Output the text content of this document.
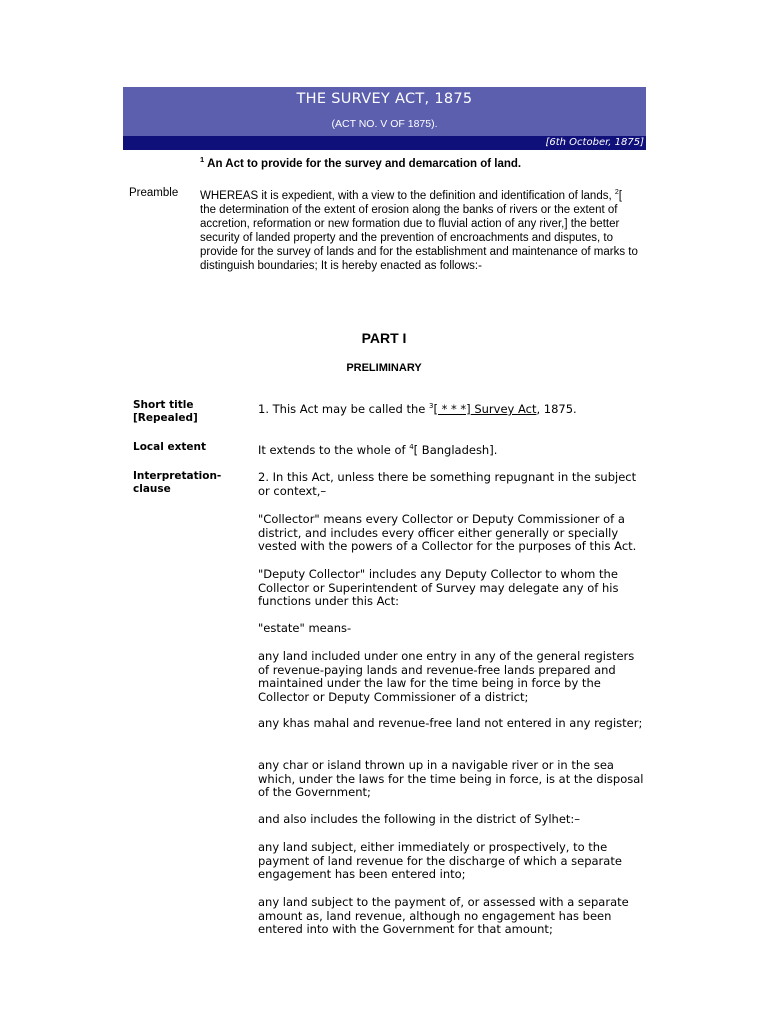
THE SURVEY ACT, 1875
(ACT NO. V OF 1875).
[6th October, 1875]
$^1$ An Act to provide for the survey and demarcation of land.
Preamble WHEREAS it is expedient, with a view to the definition and identification of lands, $^2$[ the determination of the extent of erosion along the banks of rivers or the extent of accretion, reformation or new formation due to fluvial action of any river,] the better security of landed property and the prevention of encroachments and disputes, to provide for the survey of lands and for the establishment and maintenance of marks to distinguish boundaries; It is hereby enacted as follows:-
PART I
PRELIMINARY
Short title [Repealed]
1. This Act may be called the $^3$[ * * *] Survey Act, 1875.
Local extent	It extends to the whole of $^4$[ Bangladesh].
Interpretation-clause
2. In this Act, unless there be something repugnant in the subject or context,–
"Collector" means every Collector or Deputy Commissioner of a district, and includes every officer either generally or specially vested with the powers of a Collector for the purposes of this Act.
"Deputy Collector" includes any Deputy Collector to whom the Collector or Superintendent of Survey may delegate any of his functions under this Act:
"estate" means-
any land included under one entry in any of the general registers of revenue-paying lands and revenue-free lands prepared and maintained under the law for the time being in force by the Collector or Deputy Commissioner of a district;
any khas mahal and revenue-free land not entered in any register;
any char or island thrown up in a navigable river or in the sea which, under the laws for the time being in force, is at the disposal of the Government;
and also includes the following in the district of Sylhet:–
any land subject, either immediately or prospectively, to the payment of land revenue for the discharge of which a separate engagement has been entered into;
any land subject to the payment of, or assessed with a separate amount as, land revenue, although no engagement has been entered into with the Government for that amount;
